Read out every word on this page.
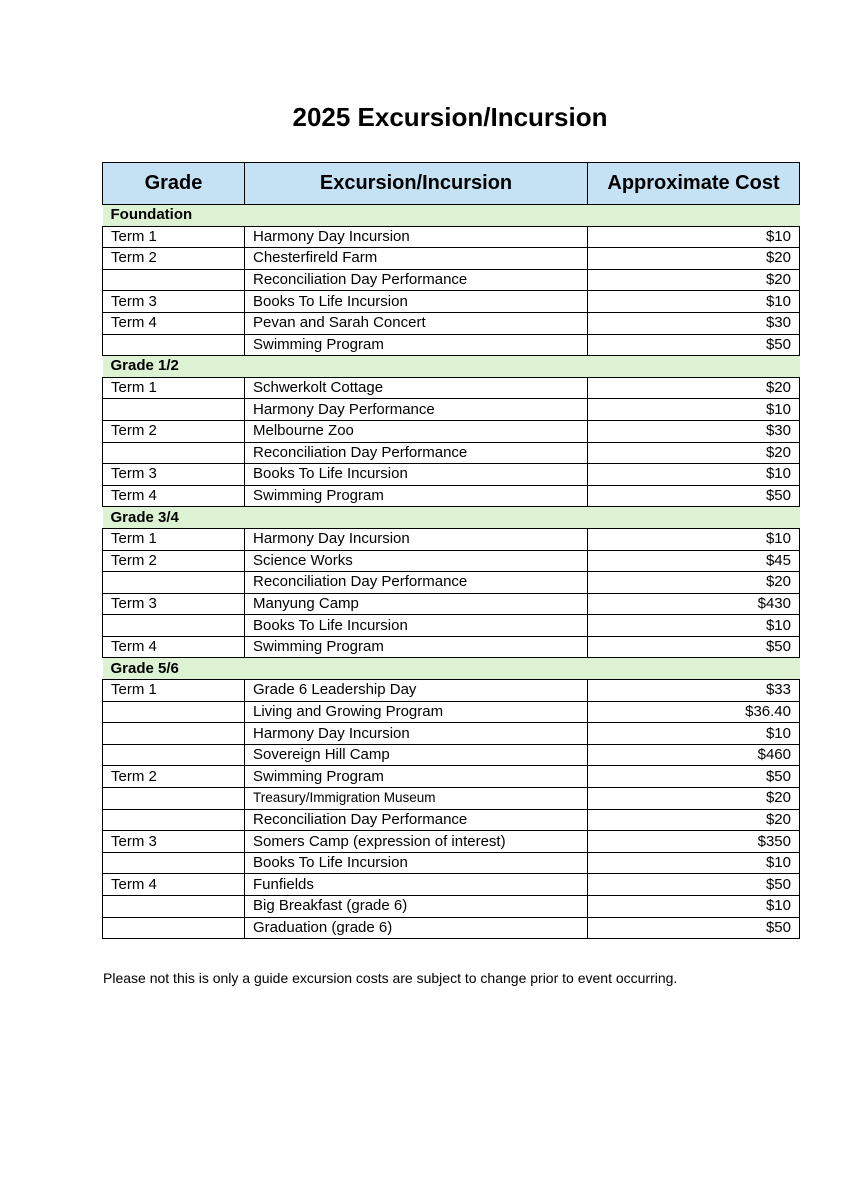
2025 Excursion/Incursion
Grade	Excursion/Incursion	Approximate Cost
Foundation		
Term 1	Harmony Day Incursion	$10
Term 2	Chesterfireld Farm	$20
	Reconciliation Day Performance	$20
Term 3	Books To Life Incursion	$10
Term 4	Pevan and Sarah Concert	$30
	Swimming Program	$50
Grade 1/2		
Term 1	Schwerkolt Cottage	$20
	Harmony Day Performance	$10
Term 2	Melbourne Zoo	$30
	Reconciliation Day Performance	$20
Term 3	Books To Life Incursion	$10
Term 4	Swimming Program	$50
Grade 3/4		
Term 1	Harmony Day Incursion	$10
Term 2	Science Works	$45
	Reconciliation Day Performance	$20
Term 3	Manyung Camp	$430
	Books To Life Incursion	$10
Term 4	Swimming Program	$50
Grade 5/6		
Term 1	Grade 6 Leadership Day	$33
	Living and Growing Program	$36.40
	Harmony Day Incursion	$10
	Sovereign Hill Camp	$460
Term 2	Swimming Program	$50
	Treasury/Immigration Museum	$20
	Reconciliation Day Performance	$20
Term 3	Somers Camp (expression of interest)	$350
	Books To Life Incursion	$10
Term 4	Funfields	$50
	Big Breakfast (grade 6)	$10
	Graduation (grade 6)	$50

Please not this is only a guide excursion costs are subject to change prior to event occurring.
